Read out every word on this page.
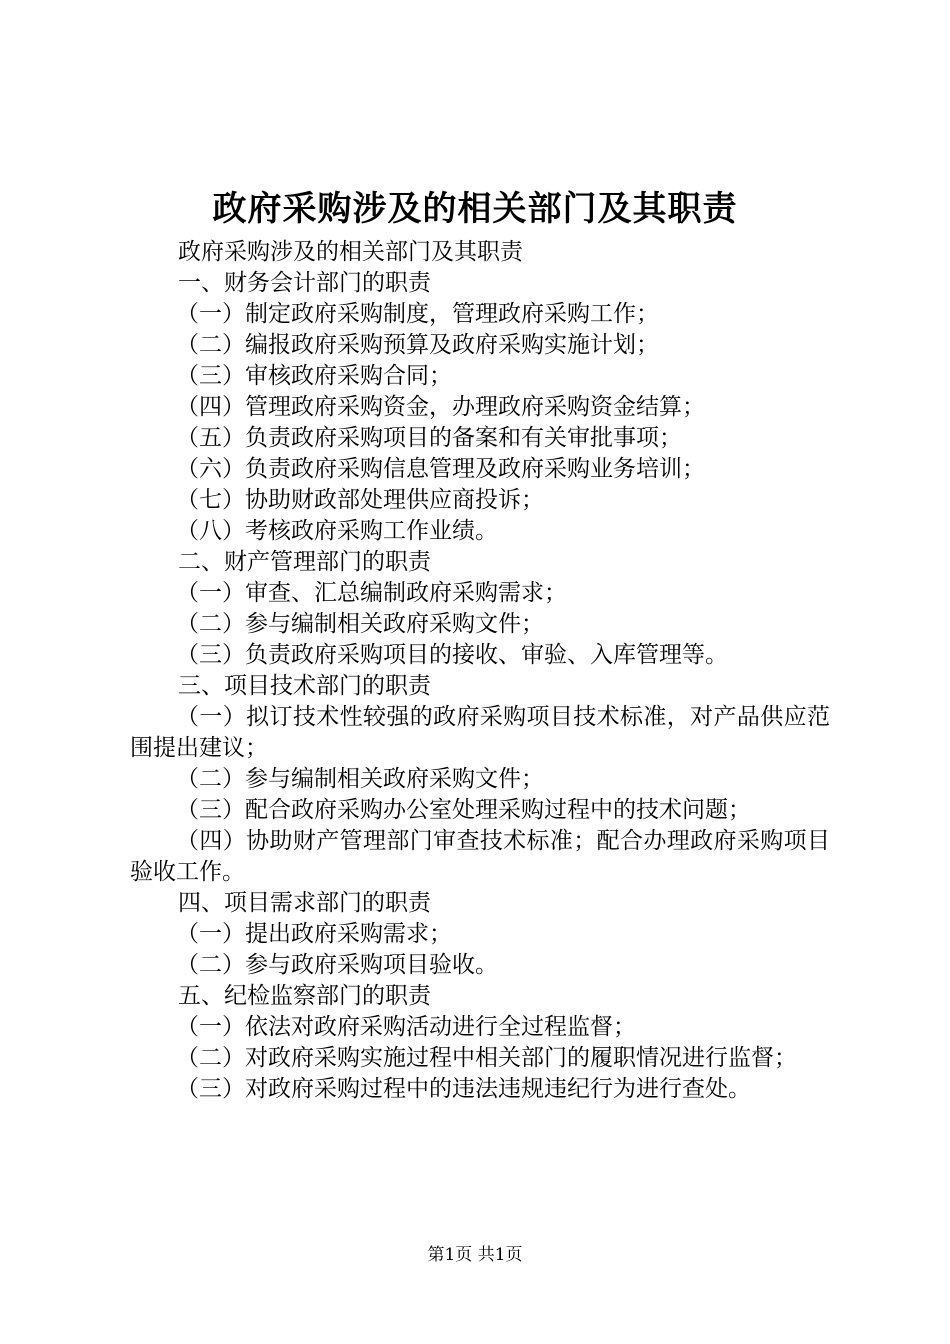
政府采购涉及的相关部门及其职责

政府采购涉及的相关部门及其职责

一、财务会计部门的职责

（一）制定政府采购制度，管理政府采购工作；

（二）编报政府采购预算及政府采购实施计划；

（三）审核政府采购合同；

（四）管理政府采购资金，办理政府采购资金结算；

（五）负责政府采购项目的备案和有关审批事项；

（六）负责政府采购信息管理及政府采购业务培训；

（七）协助财政部处理供应商投诉；

（八）考核政府采购工作业绩。

二、财产管理部门的职责

（一）审查、汇总编制政府采购需求；

（二）参与编制相关政府采购文件；

（三）负责政府采购项目的接收、审验、入库管理等。

三、项目技术部门的职责

（一）拟订技术性较强的政府采购项目技术标准，对产品供应范围提出建议；

（二）参与编制相关政府采购文件；

（三）配合政府采购办公室处理采购过程中的技术问题；

（四）协助财产管理部门审查技术标准；配合办理政府采购项目验收工作。

四、项目需求部门的职责

（一）提出政府采购需求；

（二）参与政府采购项目验收。

五、纪检监察部门的职责

（一）依法对政府采购活动进行全过程监督；

（二）对政府采购实施过程中相关部门的履职情况进行监督；

（三）对政府采购过程中的违法违规违纪行为进行查处。

第1页 共1页
